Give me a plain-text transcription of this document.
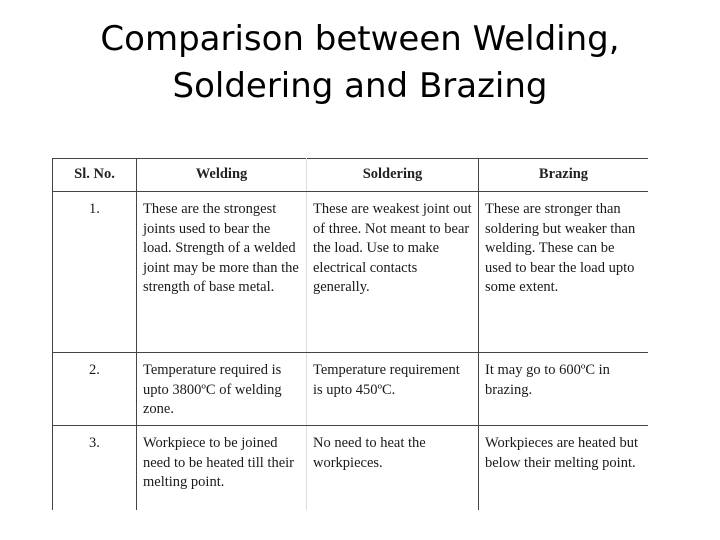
Comparison between Welding,
Soldering and Brazing
Sl. No.	Welding	Soldering	Brazing
1.	These are the strongest joints used to bear the load. Strength of a welded joint may be more than the strength of base metal.	These are weakest joint out of three. Not meant to bear the load. Use to make electrical contacts generally.	These are stronger than soldering but weaker than welding. These can be used to bear the load upto some extent.
2.	Temperature required is upto 3800ºC of welding zone.	Temperature requirement is upto 450ºC.	It may go to 600ºC in brazing.
3.	Workpiece to be joined need to be heated till their melting point.	No need to heat the workpieces.	Workpieces are heated but below their melting point.
